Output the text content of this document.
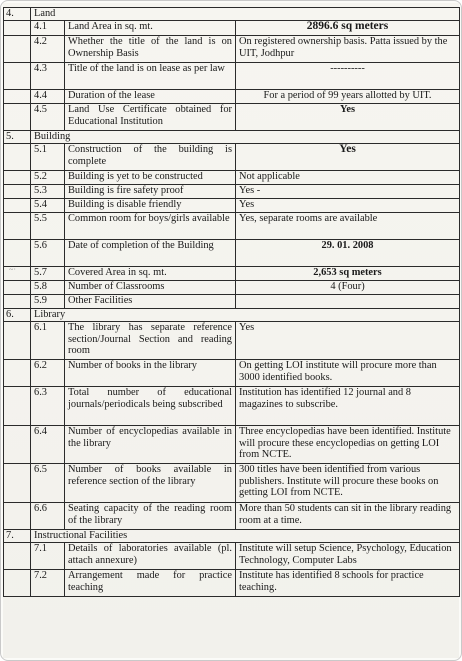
4.	Land		
	4.1	Land Area in sq. mt.	2896.6 sq meters
	4.2	Whether the title of the land is on Ownership Basis	On registered ownership basis. Patta issued by the UIT, Jodhpur
	4.3	Title of the land is on lease as per law	----------
	4.4	Duration of the lease	For a period of 99 years allotted by UIT.
	4.5	Land Use Certificate obtained for Educational Institution	Yes
5.	Building		
	5.1	Construction of the building is complete	Yes
	5.2	Building is yet to be constructed	Not applicable
	5.3	Building is fire safety proof	Yes -
	5.4	Building is disable friendly	Yes
	5.5	Common room for boys/girls available	Yes, separate rooms are available
	5.6	Date of completion of the Building	29. 01. 2008
	5.7	Covered Area in sq. mt.	2,653 sq meters
	5.8	Number of Classrooms	4 (Four)
	5.9	Other Facilities	
6.	Library		
	6.1	The library has separate reference section/Journal Section and reading room	Yes
	6.2	Number of books in the library	On getting LOI institute will procure more than 3000 identified books.
	6.3	Total number of educational journals/periodicals being subscribed	Institution has identified 12 journal and 8 magazines to subscribe.
	6.4	Number of encyclopedias available in the library	Three encyclopedias have been identified. Institute will procure these encyclopedias on getting LOI from NCTE.
	6.5	Number of books available in reference section of the library	300 titles have been identified from various publishers. Institute will procure these books on getting LOI from NCTE.
	6.6	Seating capacity of the reading room of the library	More than 50 students can sit in the library reading room at a time.
7.	Instructional Facilities		
	7.1	Details of laboratories available (pl. attach annexure)	Institute will setup Science, Psychology, Education Technology, Computer Labs
	7.2	Arrangement made for practice teaching	Institute has identified 8 schools for practice teaching.
~·
